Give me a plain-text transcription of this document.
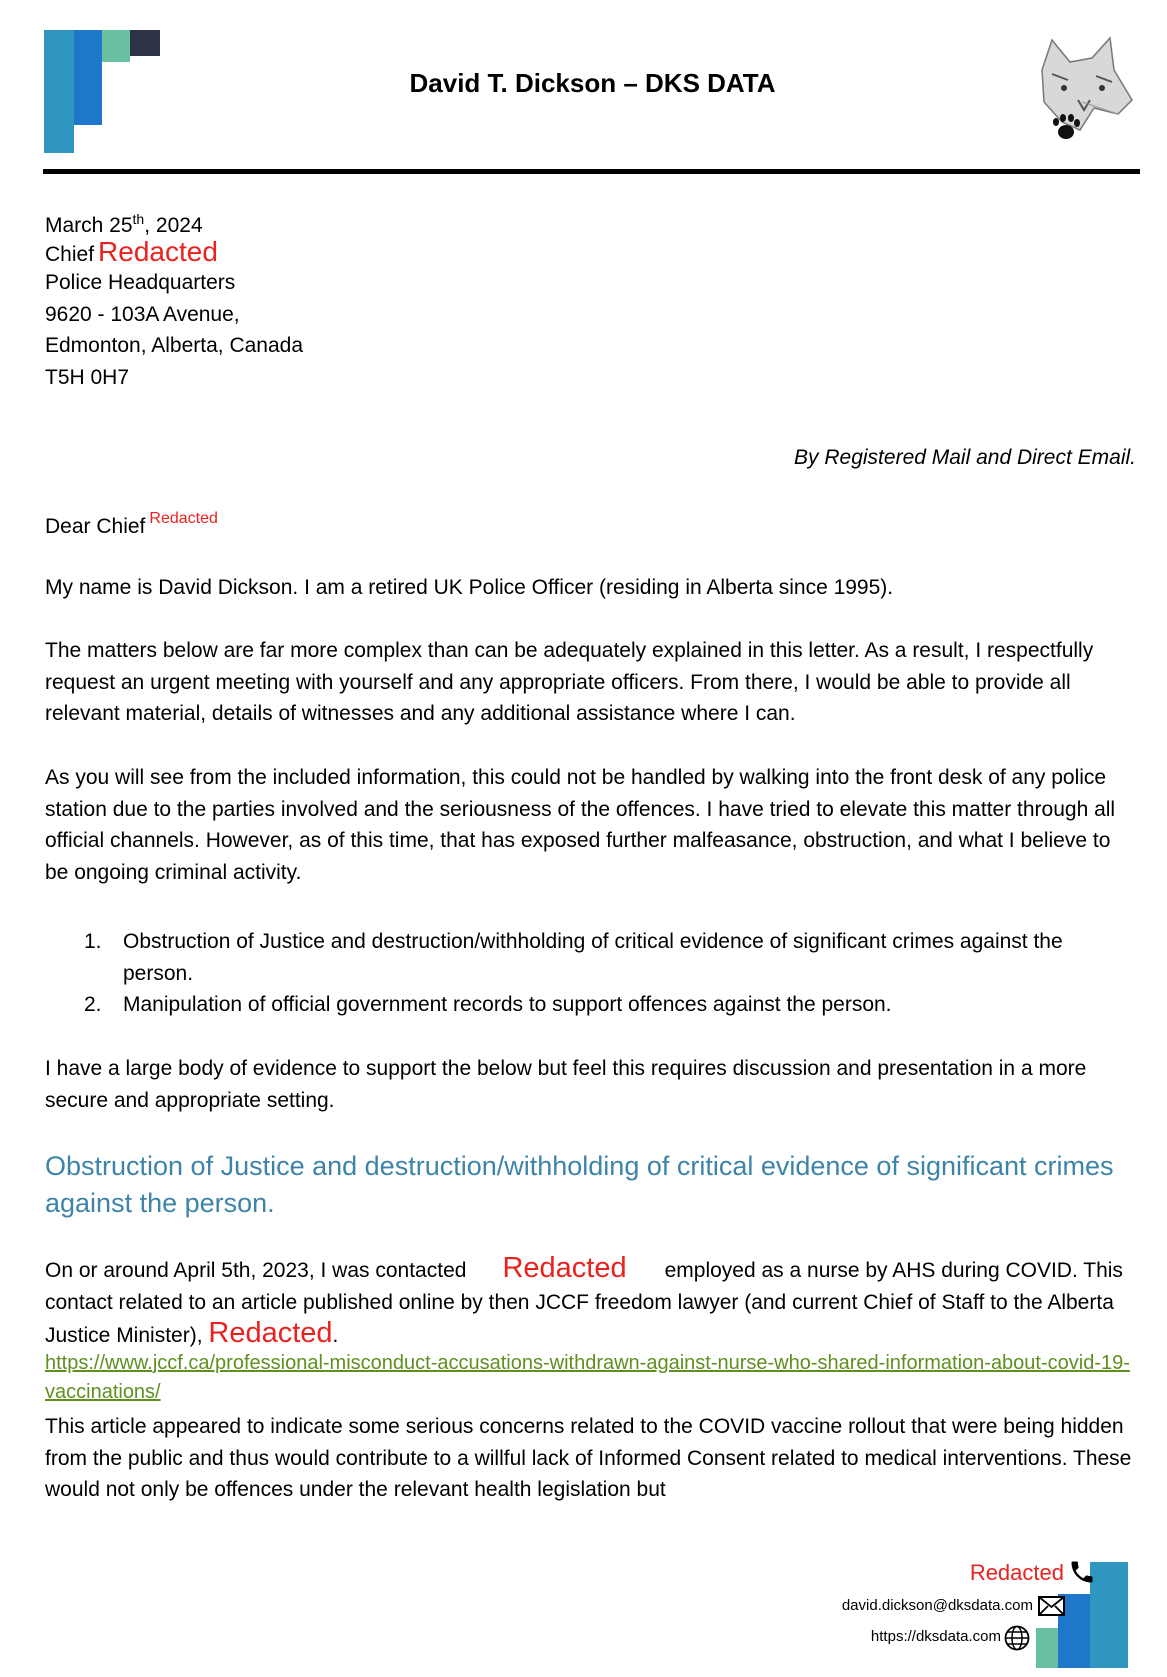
David T. Dickson – DKS DATA
March 25th, 2024
Chief Redacted
Police Headquarters
9620 - 103A Avenue,
Edmonton, Alberta, Canada
T5H 0H7
By Registered Mail and Direct Email.
Dear Chief $^{Redacted}$
My name is David Dickson. I am a retired UK Police Officer (residing in Alberta since 1995).
The matters below are far more complex than can be adequately explained in this letter. As a result, I respectfully request an urgent meeting with yourself and any appropriate officers. From there, I would be able to provide all relevant material, details of witnesses and any additional assistance where I can.
As you will see from the included information, this could not be handled by walking into the front desk of any police station due to the parties involved and the seriousness of the offences. I have tried to elevate this matter through all official channels. However, as of this time, that has exposed further malfeasance, obstruction, and what I believe to be ongoing criminal activity.
1.	Obstruction of Justice and destruction/withholding of critical evidence of significant crimes against the person.
2.	Manipulation of official government records to support offences against the person.
I have a large body of evidence to support the below but feel this requires discussion and presentation in a more secure and appropriate setting.
Obstruction of Justice and destruction/withholding of critical evidence of significant crimes against the person.
On or around April 5th, 2023, I was contacted Redacted employed as a nurse by AHS during COVID. This contact related to an article published online by then JCCF freedom lawyer (and current Chief of Staff to the Alberta Justice Minister), Redacted.
https://www.jccf.ca/professional-misconduct-accusations-withdrawn-against-nurse-who-shared-information-about-covid-19-vaccinations/
This article appeared to indicate some serious concerns related to the COVID vaccine rollout that were being hidden from the public and thus would contribute to a willful lack of Informed Consent related to medical interventions. These would not only be offences under the relevant health legislation but
Redacted
david.dickson@dksdata.com
https://dksdata.com
